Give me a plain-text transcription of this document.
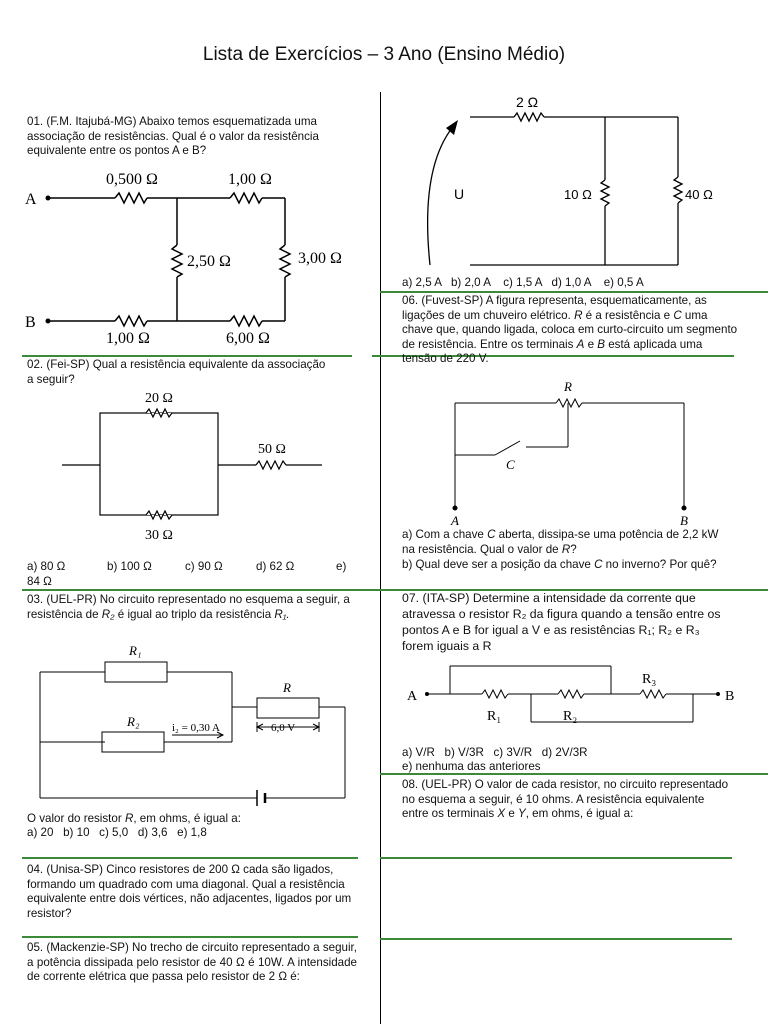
Lista de Exercícios – 3 Ano (Ensino Médio)
01. (F.M. Itajubá-MG) Abaixo temos esquematizada uma associação de resistências. Qual é o valor da resistência equivalente entre os pontos A e B?
A
B
0,500 Ω	1,00 Ω
2,50 Ω	3,00 Ω
1,00 Ω	6,00 Ω
02. (Fei-SP) Qual a resistência equivalente da associação a seguir?
20 Ω
30 Ω
50 Ω
a) 80 Ω	b) 100 Ω	c) 90 Ω	d) 62 Ω	e)
84 Ω
03. (UEL-PR) No circuito representado no esquema a seguir, a resistência de R₂ é igual ao triplo da resistência R₁.
R₁
R₂
R
i₂ = 0,30 A	6,0 V
O valor do resistor R, em ohms, é igual a:
a) 20   b) 10   c) 5,0   d) 3,6   e) 1,8
04. (Unisa-SP) Cinco resistores de 200 Ω cada são ligados, formando um quadrado com uma diagonal. Qual a resistência equivalente entre dois vértices, não adjacentes, ligados por um resistor?
05. (Mackenzie-SP) No trecho de circuito representado a seguir, a potência dissipada pelo resistor de 40 Ω é 10W. A intensidade de corrente elétrica que passa pelo resistor de 2 Ω é:
2 Ω
10 Ω	40 Ω
U
a) 2,5 A   b) 2,0 A    c) 1,5 A   d) 1,0 A    e) 0,5 A
06. (Fuvest-SP) A figura representa, esquematicamente, as ligações de um chuveiro elétrico. R é a resistência e C uma chave que, quando ligada, coloca em curto-circuito um segmento de resistência. Entre os terminais A e B está aplicada uma tensão de 220 V.
R
C
A	B
a) Com a chave C aberta, dissipa-se uma potência de 2,2 kW na resistência. Qual o valor de R?
b) Qual deve ser a posição da chave C no inverno? Por quê?
07. (ITA-SP) Determine a intensidade da corrente que atravessa o resistor R₂ da figura quando a tensão entre os pontos A e B for igual a V e as resistências R₁; R₂ e R₃ forem iguais a R
A	B
R₁	R₂
R₃
a) V/R   b) V/3R   c) 3V/R   d) 2V/3R
e) nenhuma das anteriores
08. (UEL-PR) O valor de cada resistor, no circuito representado no esquema a seguir, é 10 ohms. A resistência equivalente entre os terminais X e Y, em ohms, é igual a:
